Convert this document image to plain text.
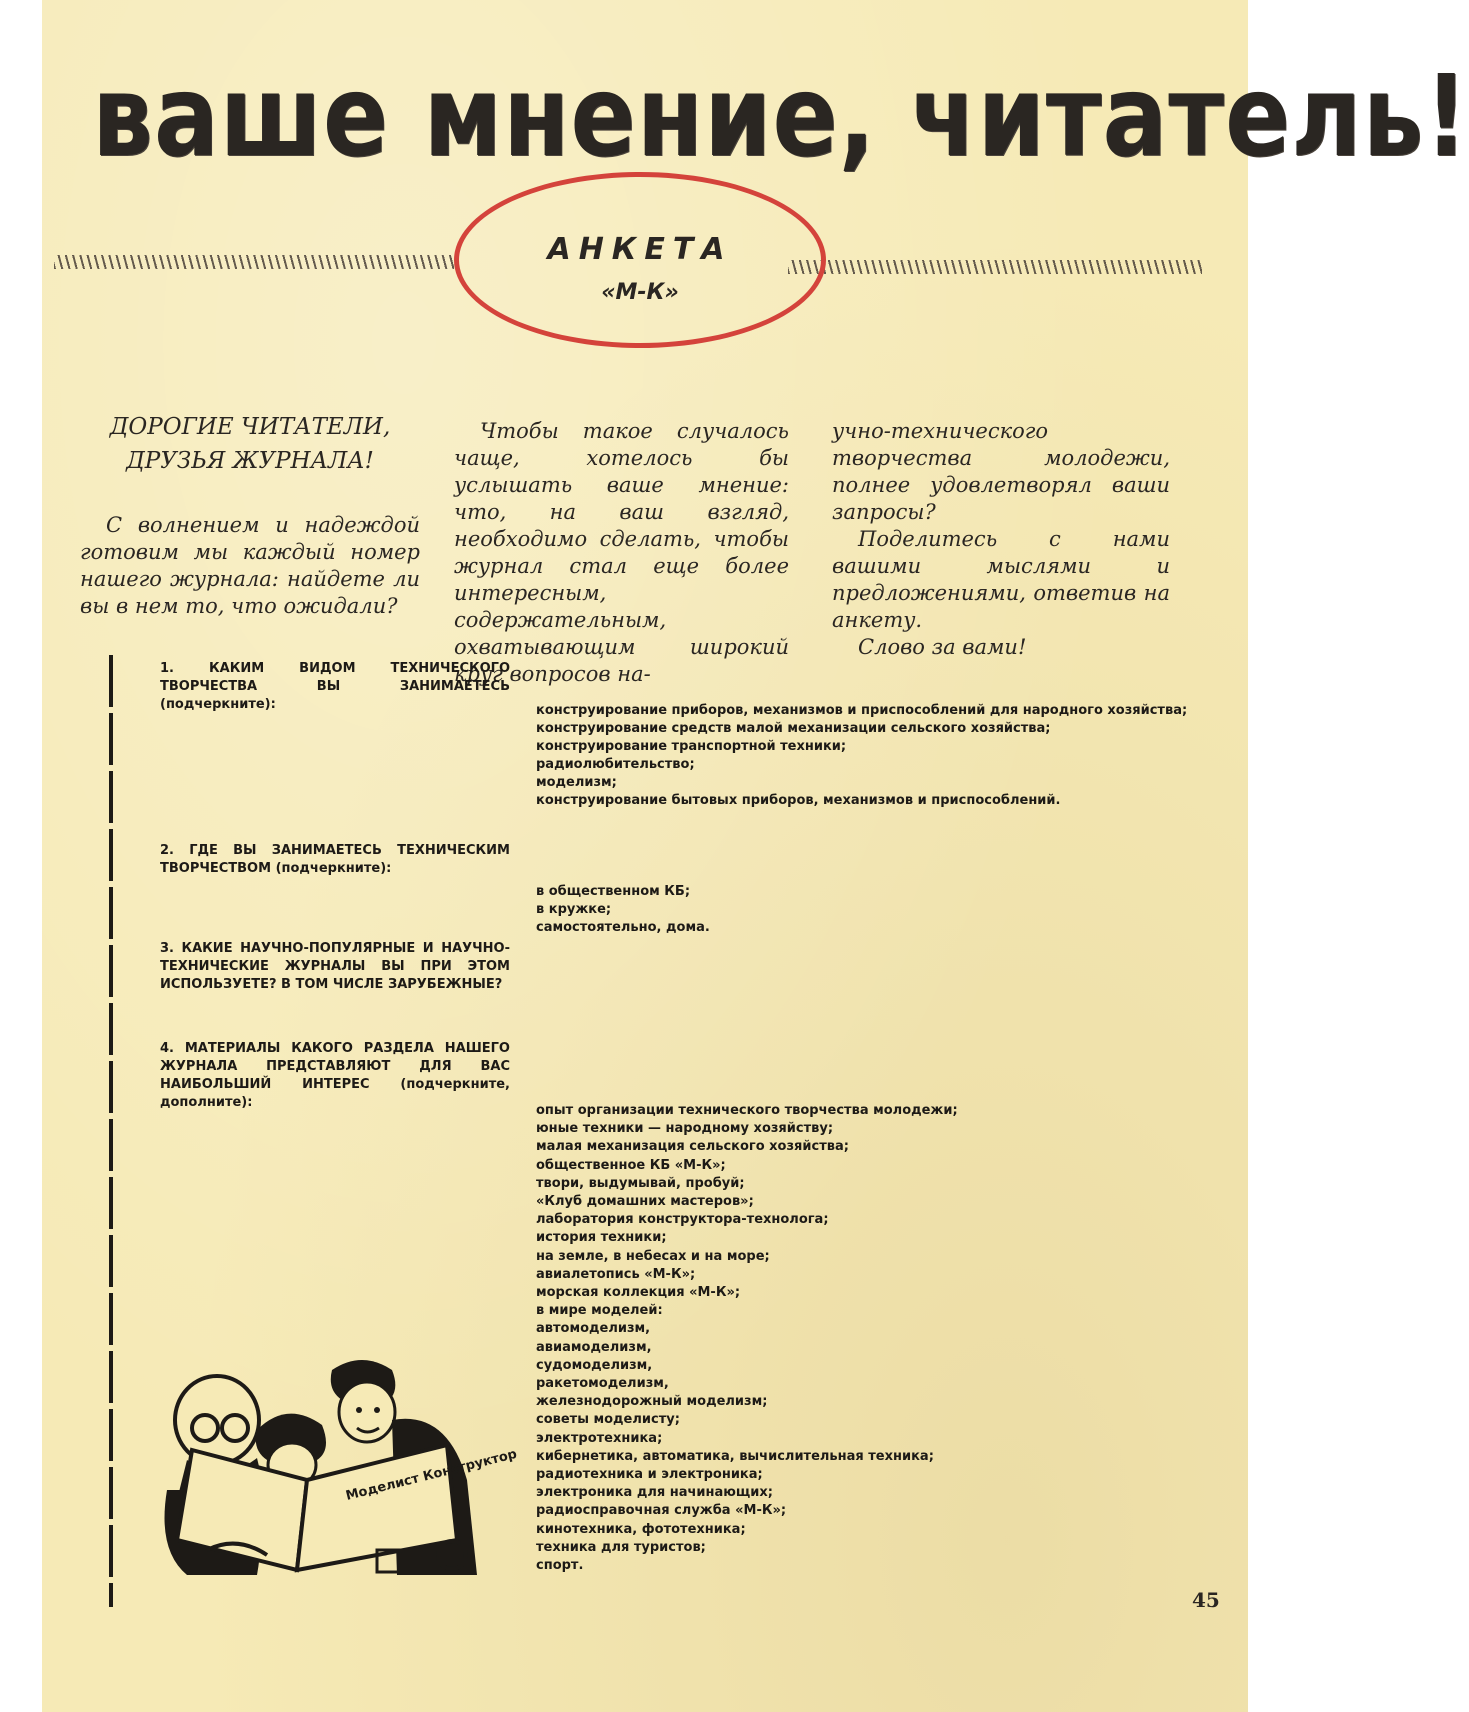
ваше мнение, читатель!
АНКЕТА
«М-К»

ДОРОГИЕ ЧИТАТЕЛИ,
ДРУЗЬЯ ЖУРНАЛА!

С волнением и надеждой готовим мы каждый номер нашего журнала: найдете ли вы в нем то, что ожидали?

Чтобы такое случалось чаще, хотелось бы услышать ваше мнение: что, на ваш взгляд, необходимо сделать, чтобы журнал стал еще более интересным, содержательным, охватывающим широкий круг вопросов на-

учно-технического творчества молодежи, полнее удовлетворял ваши запросы?

Поделитесь с нами вашими мыслями и предложениями, ответив на анкету.

Слово за вами!

1. КАКИМ ВИДОМ ТЕХНИЧЕСКОГО ТВОРЧЕСТВА ВЫ ЗАНИМАЕТЕСЬ (подчеркните):	конструирование приборов, механизмов и приспособлений для народного хозяйства;
конструирование средств малой механизации сельского хозяйства;
конструирование транспортной техники;
радиолюбительство;
моделизм;
конструирование бытовых приборов, механизмов и приспособлений.

2. ГДЕ ВЫ ЗАНИМАЕТЕСЬ ТЕХНИЧЕСКИМ ТВОРЧЕСТВОМ (подчеркните):

в общественном КБ;
в кружке;
самостоятельно, дома.

3. КАКИЕ НАУЧНО-ПОПУЛЯРНЫЕ И НАУЧНО-ТЕХНИЧЕСКИЕ ЖУРНАЛЫ ВЫ ПРИ ЭТОМ ИСПОЛЬЗУЕТЕ? В ТОМ ЧИСЛЕ ЗАРУБЕЖНЫЕ?

4. МАТЕРИАЛЫ КАКОГО РАЗДЕЛА НАШЕГО ЖУРНАЛА ПРЕДСТАВЛЯЮТ ДЛЯ ВАС НАИБОЛЬШИЙ ИНТЕРЕС (подчеркните, дополните):

опыт организации технического творчества молодежи;
юные техники — народному хозяйству;
малая механизация сельского хозяйства;
общественное КБ «М-К»;
твори, выдумывай, пробуй;
«Клуб домашних мастеров»;
лаборатория конструктора-технолога;
история техники;
на земле, в небесах и на море;
авиалетопись «М-К»;
морская коллекция «М-К»;
в мире моделей:
автомоделизм,
авиамоделизм,
судомоделизм,
ракетомоделизм,
железнодорожный моделизм;
советы моделисту;
электротехника;
кибернетика, автоматика, вычислительная техника;
радиотехника и электроника;
электроника для начинающих;
радиосправочная служба «М-К»;
кинотехника, фототехника;
техника для туристов;
спорт.
Моделист Конструктор
45
